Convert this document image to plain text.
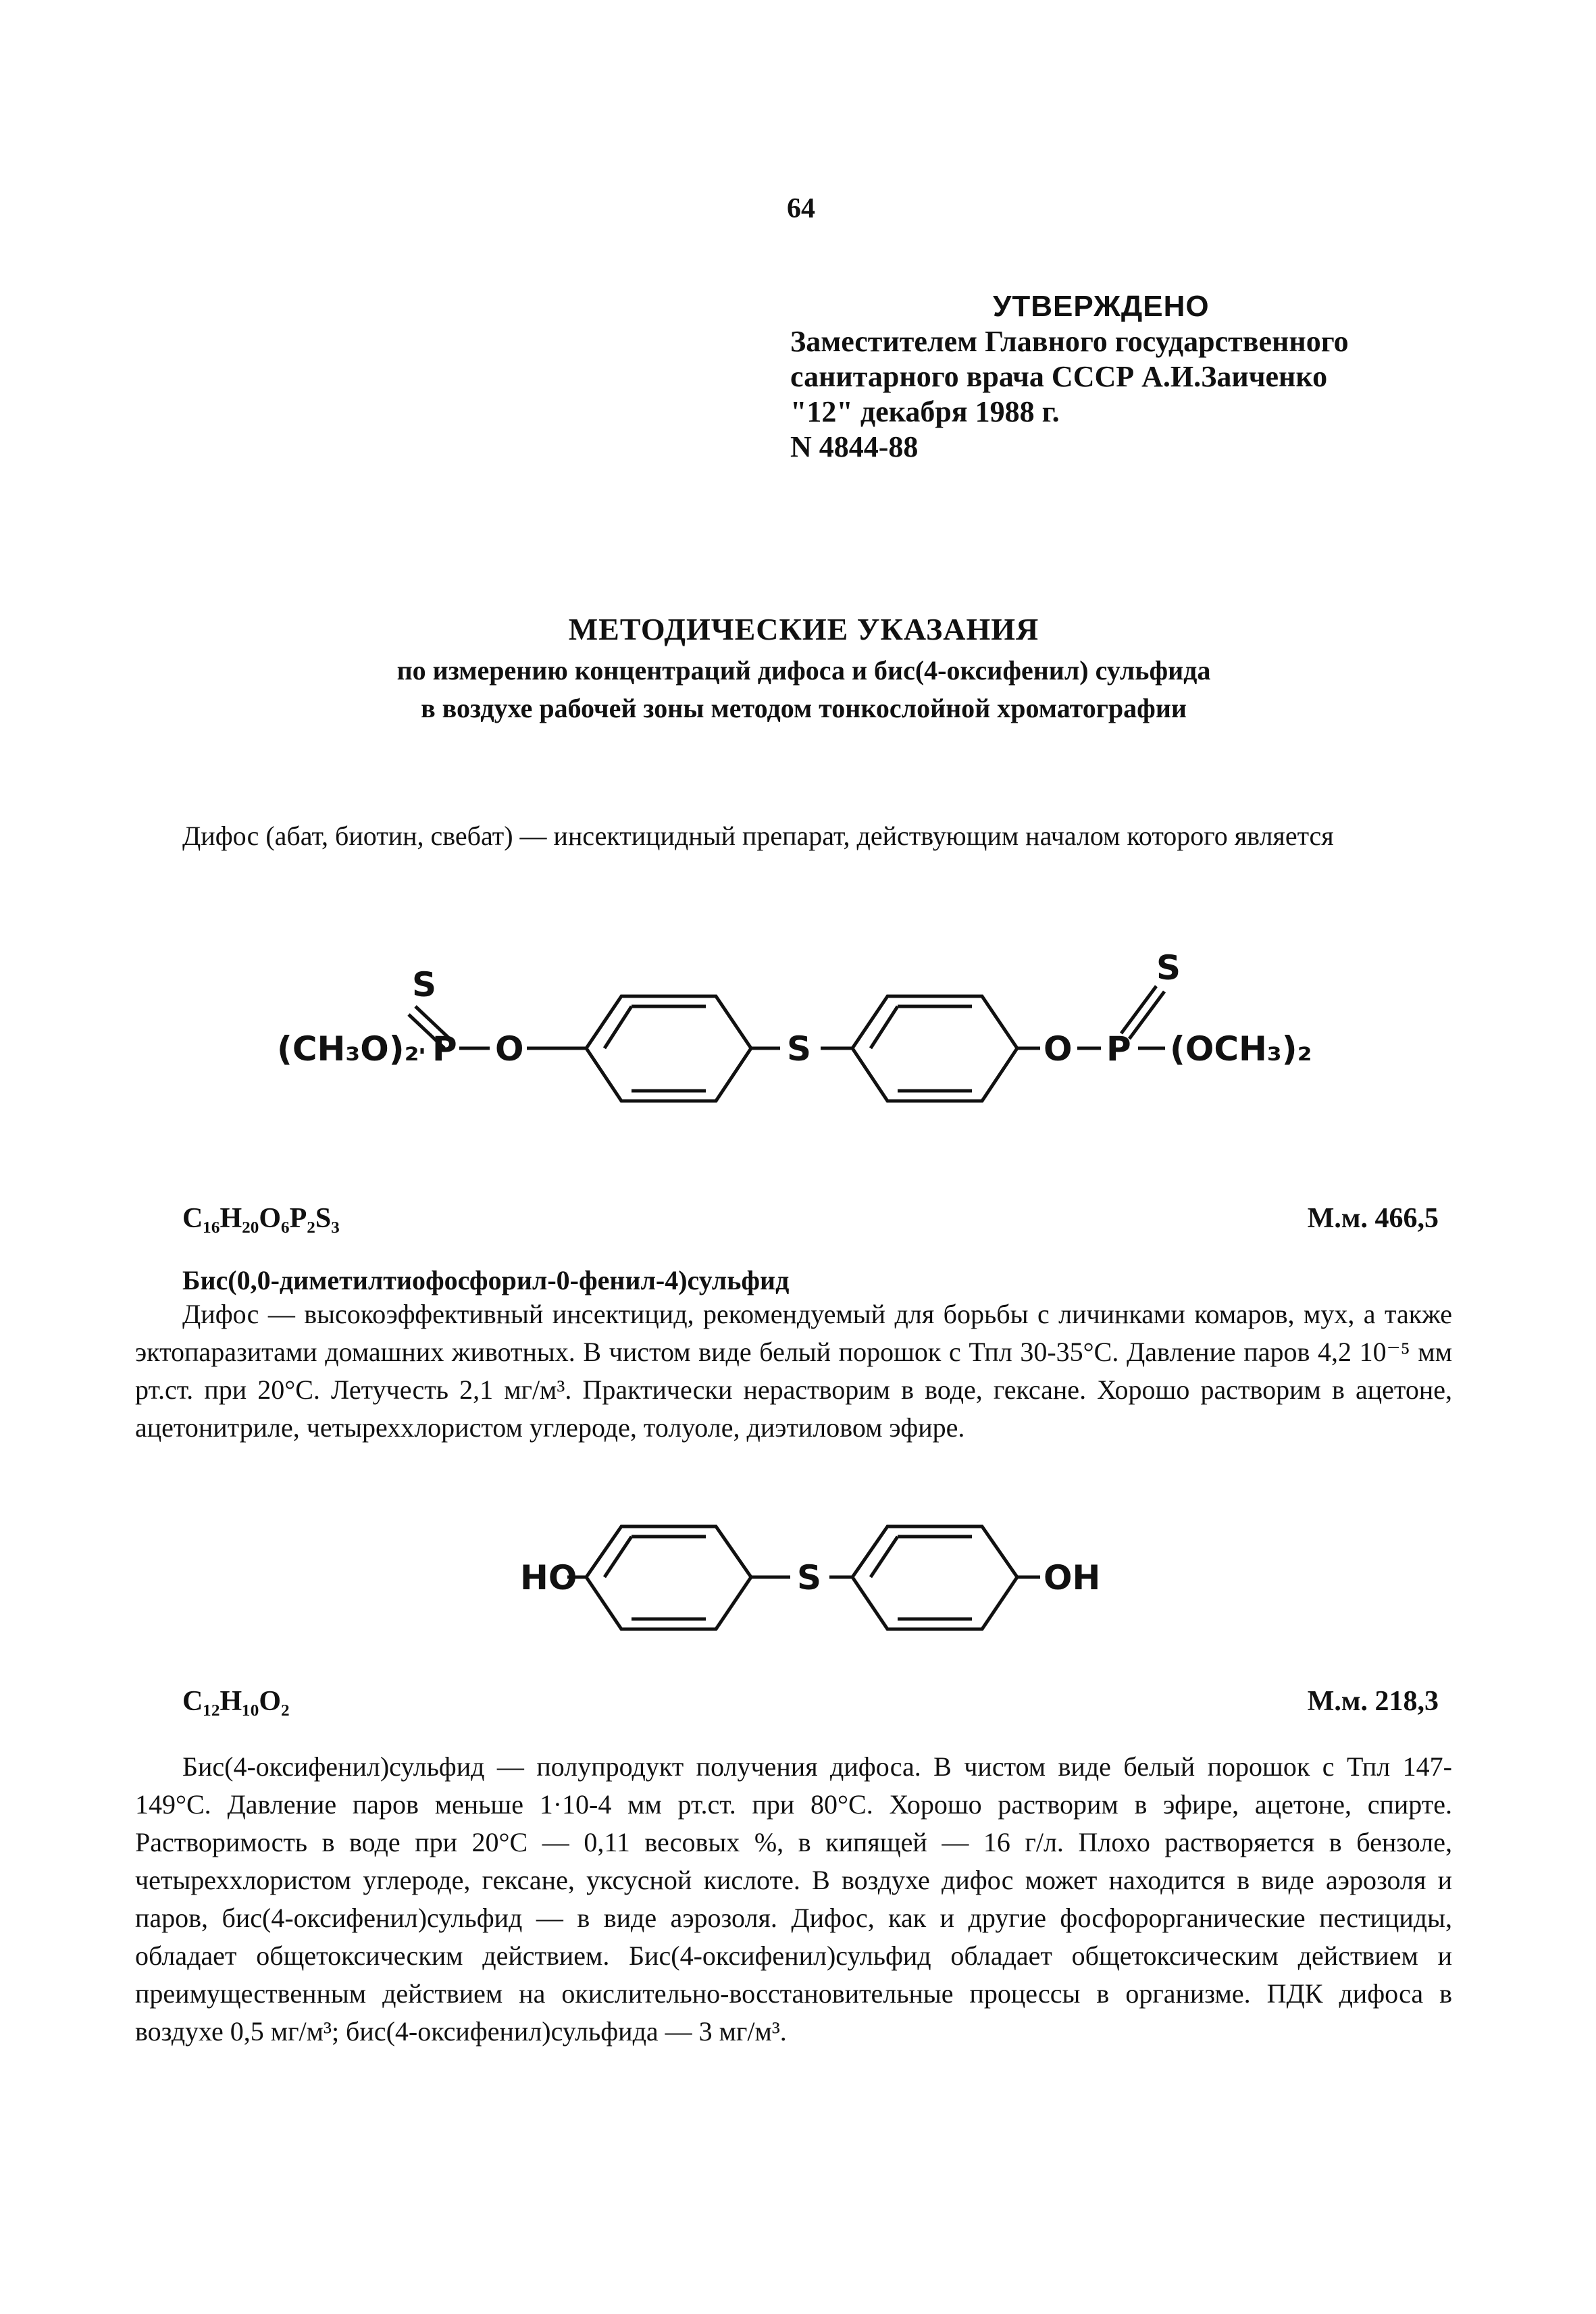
64
УТВЕРЖДЕНО
Заместителем Главного государственного
санитарного врача СССР А.И.Заиченко
"12" декабря 1988 г.
N 4844-88
МЕТОДИЧЕСКИЕ УКАЗАНИЯ
по измерению концентраций дифоса и бис(4-оксифенил) сульфида
в воздухе рабочей зоны методом тонкослойной хроматографии
Дифос (абат, биотин, свебат) — инсектицидный препарат, действующим началом которого является
S
(CH₃O)₂ P O	S	O P
S
(OCH₃)₂
C₁₆H₂₀O₆P₂S₃	М.м. 466,5
Бис(0,0-диметилтиофосфорил-0-фенил-4)сульфид
Дифос — высокоэффективный инсектицид, рекомендуемый для борьбы с личинками комаров, мух, а также эктопаразитами домашних животных. В чистом виде белый порошок с Тпл 30-35°С. Давление паров 4,2 10⁻⁵ мм рт.ст. при 20°С. Летучесть 2,1 мг/м³. Практически нерастворим в воде, гексане. Хорошо растворим в ацетоне, ацетонитриле, четыреххлористом углероде, толуоле, диэтиловом эфире.
HO	S	OH
C₁₂H₁₀O₂	М.м. 218,3
Бис(4-оксифенил)сульфид — полупродукт получения дифоса. В чистом виде белый порошок с Тпл 147-149°С. Давление паров меньше 1·10-4 мм рт.ст. при 80°С. Хорошо растворим в эфире, ацетоне, спирте. Растворимость в воде при 20°С — 0,11 весовых %, в кипящей — 16 г/л. Плохо растворяется в бензоле, четыреххлористом углероде, гексане, уксусной кислоте. В воздухе дифос может находится в виде аэрозоля и паров, бис(4-оксифенил)сульфид — в виде аэрозоля. Дифос, как и другие фосфорорганические пестициды, обладает общетоксическим действием. Бис(4-оксифенил)сульфид обладает общетоксическим действием и преимущественным действием на окислительно-восстановительные процессы в организме. ПДК дифоса в воздухе 0,5 мг/м³; бис(4-оксифенил)сульфида — 3 мг/м³.
